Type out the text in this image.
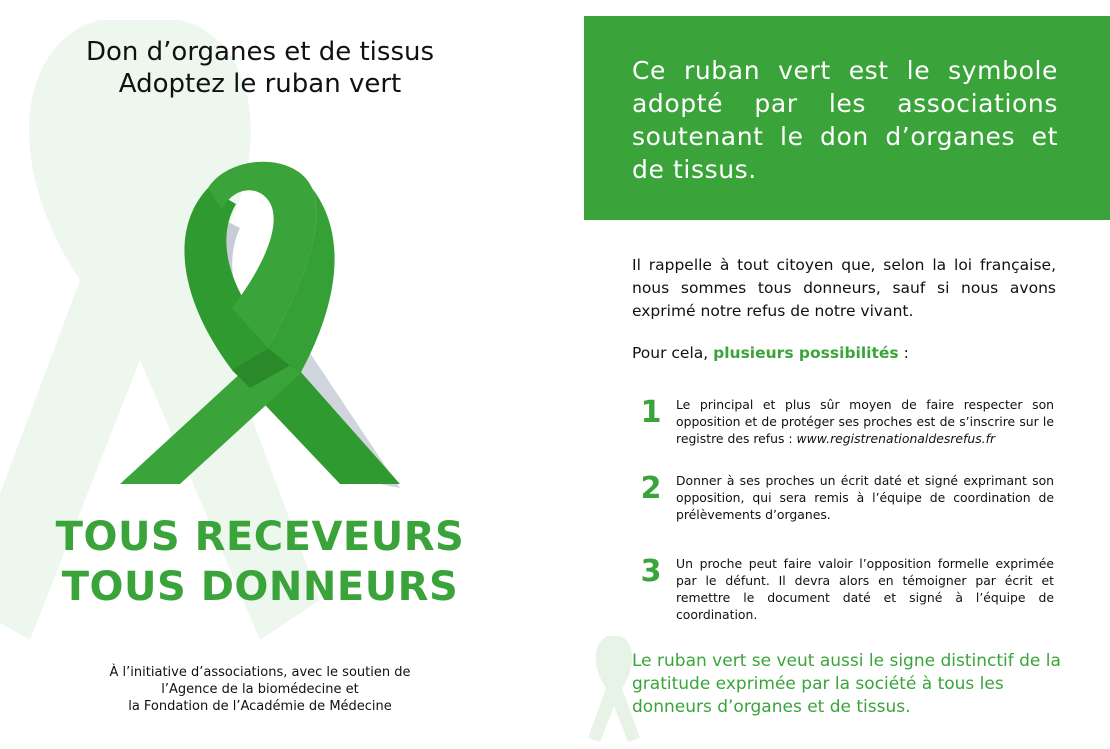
Don d’organes et de tissus
Adoptez le ruban vert
TOUS RECEVEURS
TOUS DONNEURS
À l’initiative d’associations, avec le soutien de
l’Agence de la biomédecine et
la Fondation de l’Académie de Médecine
Ce ruban vert est le symbole adopté par les associations soutenant le don d’organes et de tissus.
Il rappelle à tout citoyen que, selon la loi française, nous sommes tous donneurs, sauf si nous avons exprimé notre refus de notre vivant.
Pour cela, plusieurs possibilités :
1	Le principal et plus sûr moyen de faire respecter son opposition et de protéger ses proches est de s’inscrire sur le registre des refus : www.registrenationaldesrefus.fr
2	Donner à ses proches un écrit daté et signé exprimant son opposition, qui sera remis à l’équipe de coordination de prélèvements d’organes.
3	Un proche peut faire valoir l’opposition formelle exprimée par le défunt. Il devra alors en témoigner par écrit et remettre le document daté et signé à l’équipe de coordination.
Le ruban vert se veut aussi le signe distinctif de la gratitude exprimée par la société à tous les donneurs d’organes et de tissus.
